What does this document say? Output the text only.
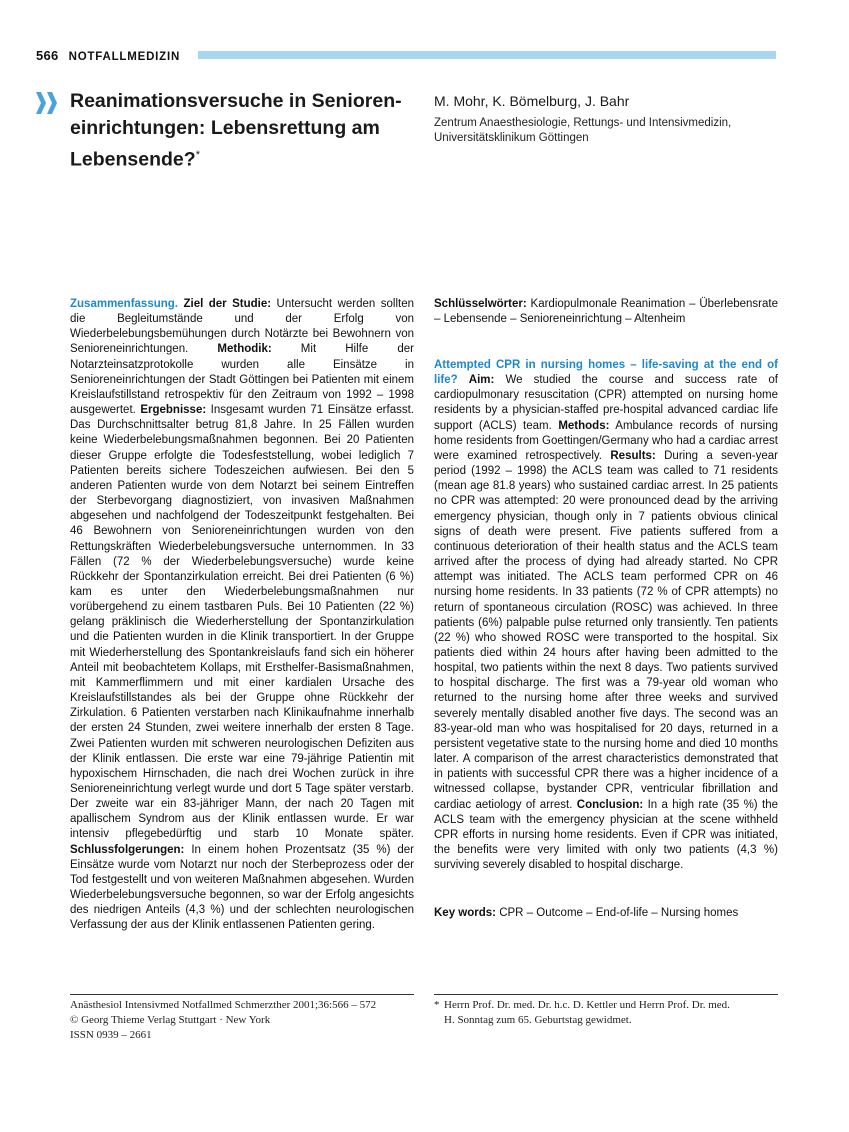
566 NOTFALLMEDIZIN
Reanimationsversuche in Senioreneinrichtungen: Lebensrettung am Lebensende?*
M. Mohr, K. Bömelburg, J. Bahr
Zentrum Anaesthesiologie, Rettungs- und Intensivmedizin,
Universitätsklinikum Göttingen
Zusammenfassung. Ziel der Studie: Untersucht werden sollten die Begleitumstände und der Erfolg von Wiederbelebungsbemühungen durch Notärzte bei Bewohnern von Senioreneinrichtungen. Methodik: Mit Hilfe der Notarzteinsatzprotokolle wurden alle Einsätze in Senioreneinrichtungen der Stadt Göttingen bei Patienten mit einem Kreislaufstillstand retrospektiv für den Zeitraum von 1992 – 1998 ausgewertet. Ergebnisse: Insgesamt wurden 71 Einsätze erfasst. Das Durchschnittsalter betrug 81,8 Jahre. In 25 Fällen wurden keine Wiederbelebungsmaßnahmen begonnen. Bei 20 Patienten dieser Gruppe erfolgte die Todesfeststellung, wobei lediglich 7 Patienten bereits sichere Todeszeichen aufwiesen. Bei den 5 anderen Patienten wurde von dem Notarzt bei seinem Eintreffen der Sterbevorgang diagnostiziert, von invasiven Maßnahmen abgesehen und nachfolgend der Todeszeitpunkt festgehalten. Bei 46 Bewohnern von Senioreneinrichtungen wurden von den Rettungskräften Wiederbelebungsversuche unternommen. In 33 Fällen (72 % der Wiederbelebungsversuche) wurde keine Rückkehr der Spontanzirkulation erreicht. Bei drei Patienten (6 %) kam es unter den Wiederbelebungsmaßnahmen nur vorübergehend zu einem tastbaren Puls. Bei 10 Patienten (22 %) gelang präklinisch die Wiederherstellung der Spontanzirkulation und die Patienten wurden in die Klinik transportiert. In der Gruppe mit Wiederherstellung des Spontankreislaufs fand sich ein höherer Anteil mit beobachtetem Kollaps, mit Ersthelfer-Basismaßnahmen, mit Kammerflimmern und mit einer kardialen Ursache des Kreislaufstillstandes als bei der Gruppe ohne Rückkehr der Zirkulation. 6 Patienten verstarben nach Klinikaufnahme innerhalb der ersten 24 Stunden, zwei weitere innerhalb der ersten 8 Tage. Zwei Patienten wurden mit schweren neurologischen Defiziten aus der Klinik entlassen. Die erste war eine 79-jährige Patientin mit hypoxischem Hirnschaden, die nach drei Wochen zurück in ihre Senioreneinrichtung verlegt wurde und dort 5 Tage später verstarb. Der zweite war ein 83-jähriger Mann, der nach 20 Tagen mit apallischem Syndrom aus der Klinik entlassen wurde. Er war intensiv pflegebedürftig und starb 10 Monate später. Schlussfolgerungen: In einem hohen Prozentsatz (35 %) der Einsätze wurde vom Notarzt nur noch der Sterbeprozess oder der Tod festgestellt und von weiteren Maßnahmen abgesehen. Wurden Wiederbelebungsversuche begonnen, so war der Erfolg angesichts des niedrigen Anteils (4,3 %) und der schlechten neurologischen Verfassung der aus der Klinik entlassenen Patienten gering.
Schlüsselwörter: Kardiopulmonale Reanimation – Überlebensrate – Lebensende – Senioreneinrichtung – Altenheim
Attempted CPR in nursing homes – life-saving at the end of life? Aim: We studied the course and success rate of cardiopulmonary resuscitation (CPR) attempted on nursing home residents by a physician-staffed pre-hospital advanced cardiac life support (ACLS) team. Methods: Ambulance records of nursing home residents from Goettingen/Germany who had a cardiac arrest were examined retrospectively. Results: During a seven-year period (1992 – 1998) the ACLS team was called to 71 residents (mean age 81.8 years) who sustained cardiac arrest. In 25 patients no CPR was attempted: 20 were pronounced dead by the arriving emergency physician, though only in 7 patients obvious clinical signs of death were present. Five patients suffered from a continuous deterioration of their health status and the ACLS team arrived after the process of dying had already started. No CPR attempt was initiated. The ACLS team performed CPR on 46 nursing home residents. In 33 patients (72 % of CPR attempts) no return of spontaneous circulation (ROSC) was achieved. In three patients (6%) palpable pulse returned only transiently. Ten patients (22 %) who showed ROSC were transported to the hospital. Six patients died within 24 hours after having been admitted to the hospital, two patients within the next 8 days. Two patients survived to hospital discharge. The first was a 79-year old woman who returned to the nursing home after three weeks and survived severely mentally disabled another five days. The second was an 83-year-old man who was hospitalised for 20 days, returned in a persistent vegetative state to the nursing home and died 10 months later. A comparison of the arrest characteristics demonstrated that in patients with successful CPR there was a higher incidence of a witnessed collapse, bystander CPR, ventricular fibrillation and cardiac aetiology of arrest. Conclusion: In a high rate (35 %) the ACLS team with the emergency physician at the scene withheld CPR efforts in nursing home residents. Even if CPR was initiated, the benefits were very limited with only two patients (4,3 %) surviving severely disabled to hospital discharge.
Key words: CPR – Outcome – End-of-life – Nursing homes
Anästhesiol Intensivmed Notfallmed Schmerzther 2001;36:566 – 572
© Georg Thieme Verlag Stuttgart · New York
ISSN 0939 – 2661
* Herrn Prof. Dr. med. Dr. h.c. D. Kettler und Herrn Prof. Dr. med.
H. Sonntag zum 65. Geburtstag gewidmet.
